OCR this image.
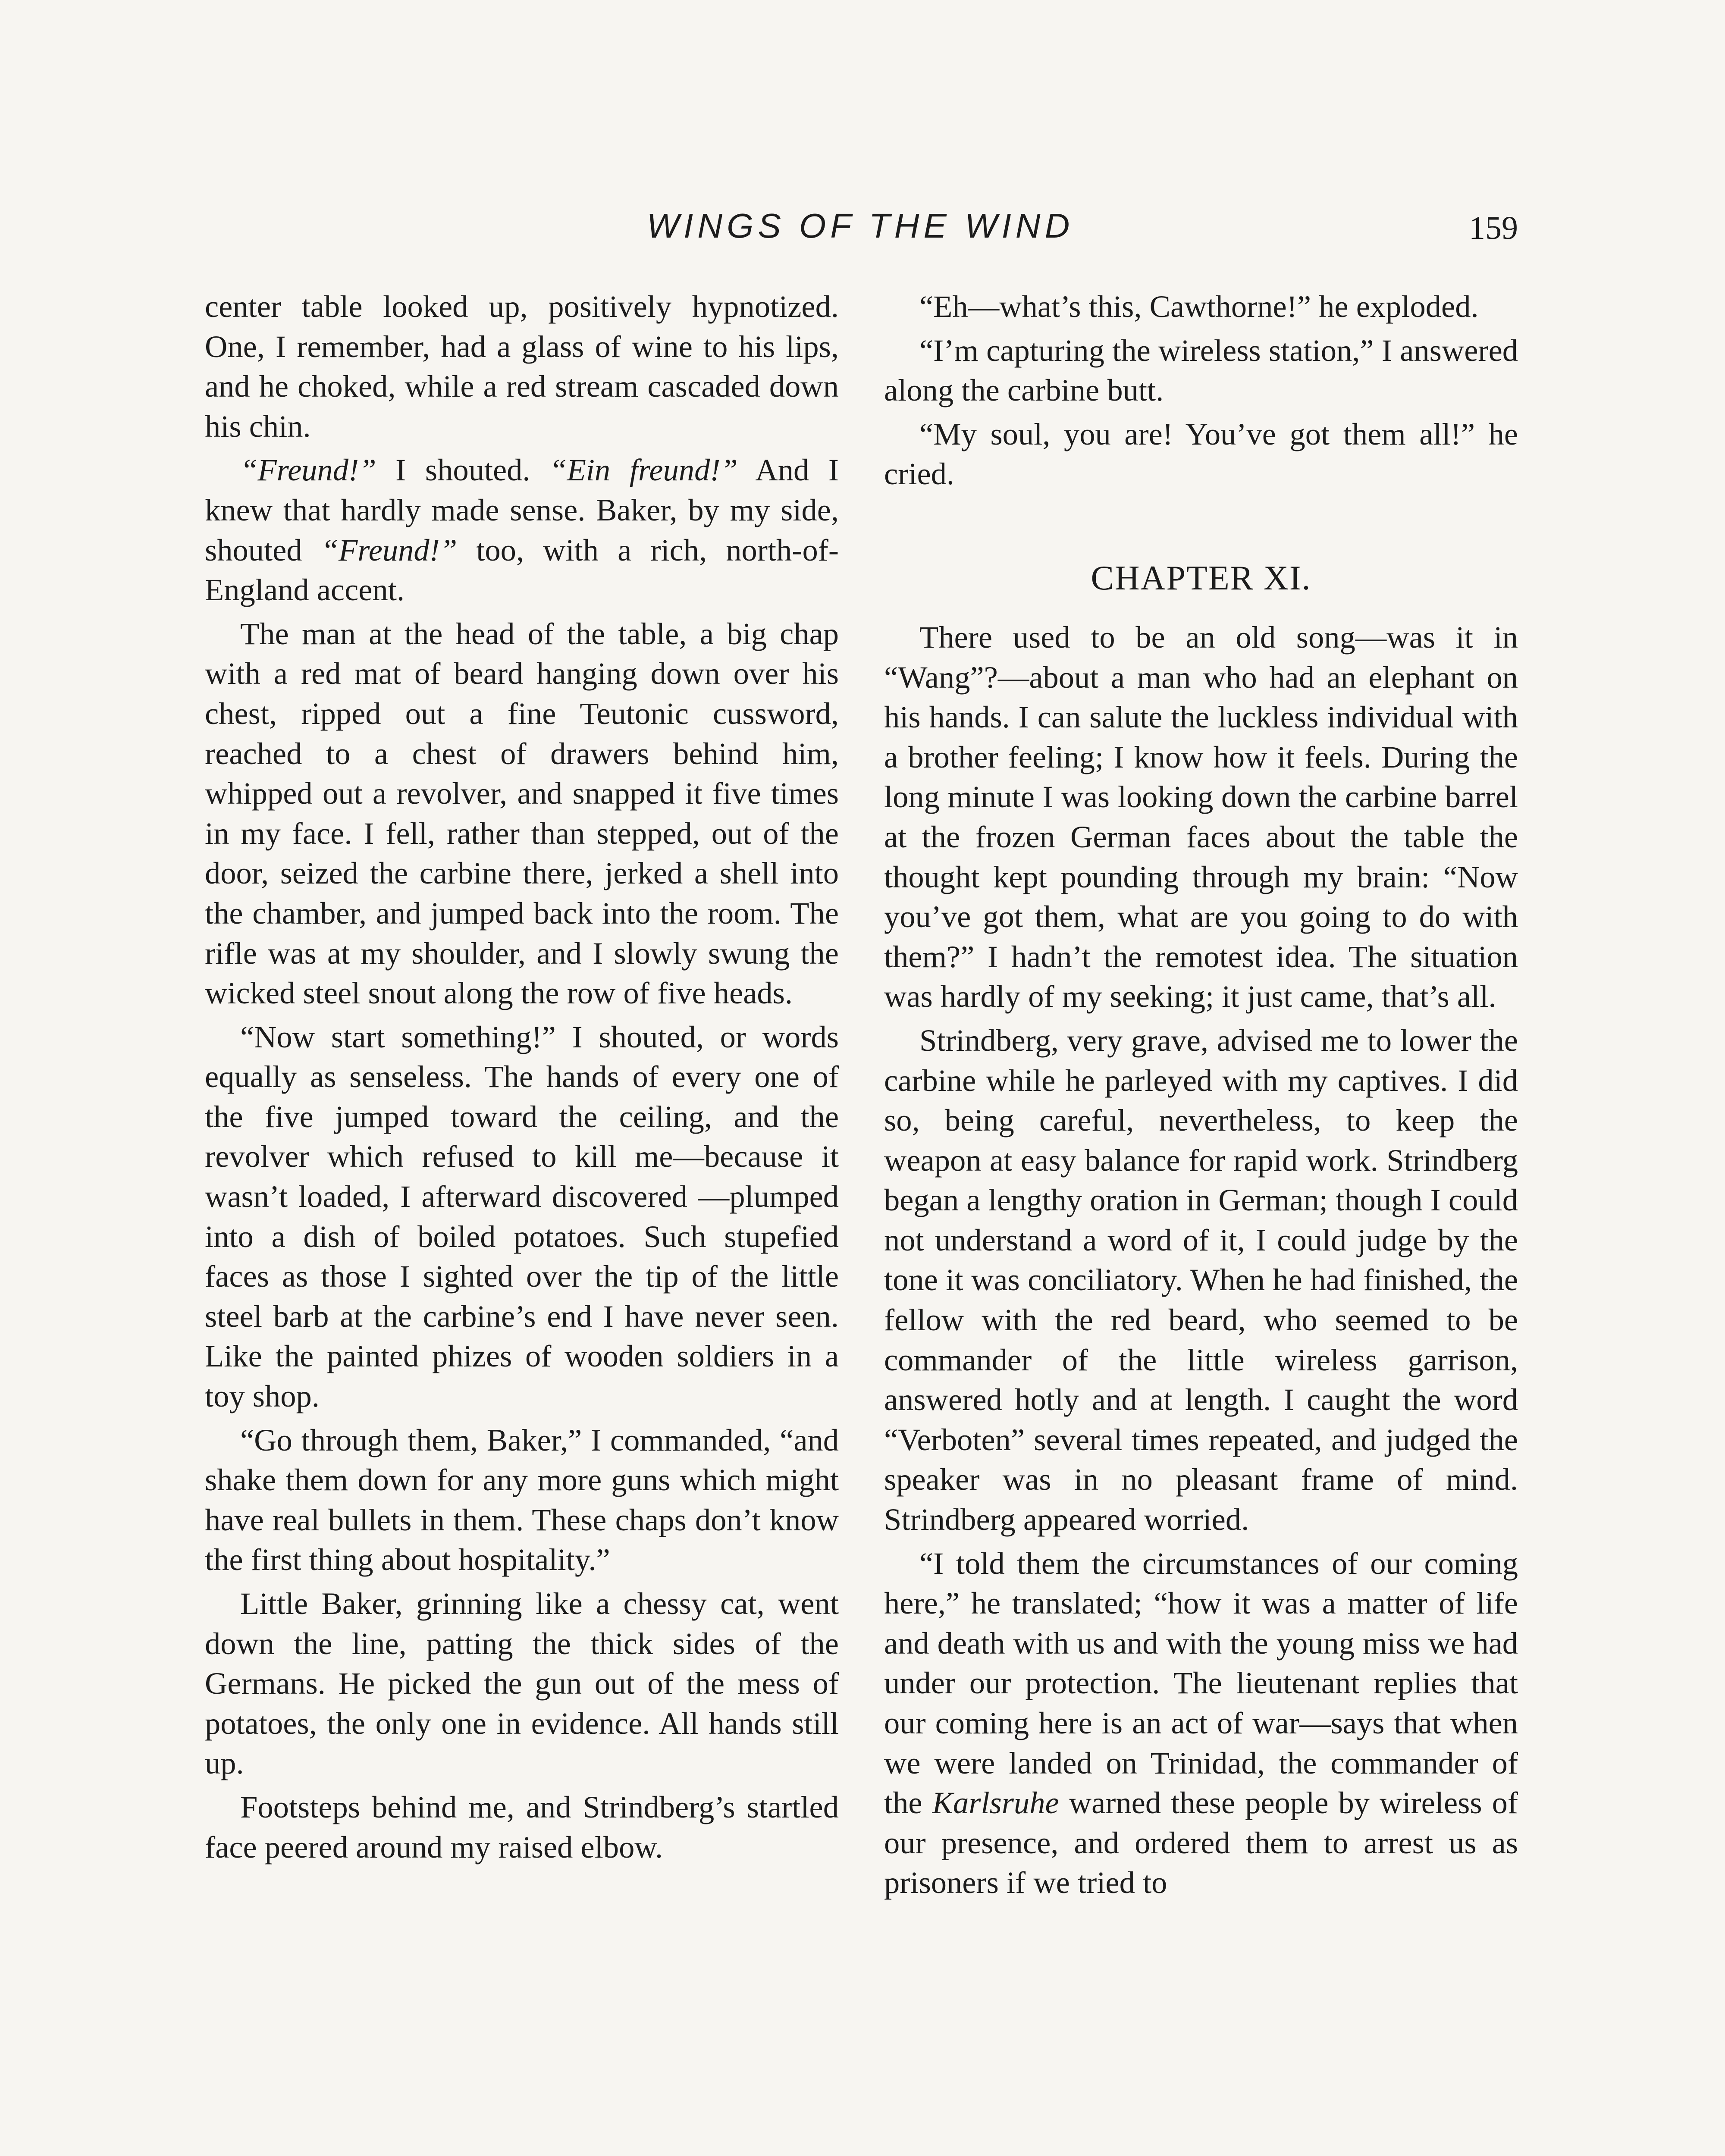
WINGS OF THE WIND	159

center table looked up, positively hypnotized. One, I remember, had a glass of wine to his lips, and he choked, while a red stream cascaded down his chin.

“Freund!” I shouted. “Ein freund!” And I knew that hardly made sense. Baker, by my side, shouted “Freund!” too, with a rich, north-of-England accent.

The man at the head of the table, a big chap with a red mat of beard hanging down over his chest, ripped out a fine Teutonic cussword, reached to a chest of drawers behind him, whipped out a revolver, and snapped it five times in my face. I fell, rather than stepped, out of the door, seized the carbine there, jerked a shell into the chamber, and jumped back into the room. The rifle was at my shoulder, and I slowly swung the wicked steel snout along the row of five heads.

“Now start something!” I shouted, or words equally as senseless. The hands of every one of the five jumped toward the ceiling, and the revolver which refused to kill me—because it wasn’t loaded, I afterward discovered —plumped into a dish of boiled potatoes. Such stupefied faces as those I sighted over the tip of the little steel barb at the carbine’s end I have never seen. Like the painted phizes of wooden soldiers in a toy shop.

“Go through them, Baker,” I commanded, “and shake them down for any more guns which might have real bullets in them. These chaps don’t know the first thing about hospitality.”

Little Baker, grinning like a chessy cat, went down the line, patting the thick sides of the Germans. He picked the gun out of the mess of potatoes, the only one in evidence. All hands still up.

Footsteps behind me, and Strindberg’s startled face peered around my raised elbow.

“Eh—what’s this, Cawthorne!” he exploded.

“I’m capturing the wireless station,” I answered along the carbine butt.

“My soul, you are! You’ve got them all!” he cried.

CHAPTER XI.

There used to be an old song—was it in “Wang”?—about a man who had an elephant on his hands. I can salute the luckless individual with a brother feeling; I know how it feels. During the long minute I was looking down the carbine barrel at the frozen German faces about the table the thought kept pounding through my brain: “Now you’ve got them, what are you going to do with them?” I hadn’t the remotest idea. The situation was hardly of my seeking; it just came, that’s all.

Strindberg, very grave, advised me to lower the carbine while he parleyed with my captives. I did so, being careful, nevertheless, to keep the weapon at easy balance for rapid work. Strindberg began a lengthy oration in German; though I could not understand a word of it, I could judge by the tone it was conciliatory. When he had finished, the fellow with the red beard, who seemed to be commander of the little wireless garrison, answered hotly and at length. I caught the word “Verboten” several times repeated, and judged the speaker was in no pleasant frame of mind. Strindberg appeared worried.

“I told them the circumstances of our coming here,” he translated; “how it was a matter of life and death with us and with the young miss we had under our protection. The lieutenant replies that our coming here is an act of war—says that when we were landed on Trinidad, the commander of the Karlsruhe warned these people by wireless of our presence, and ordered them to arrest us as prisoners if we tried to
